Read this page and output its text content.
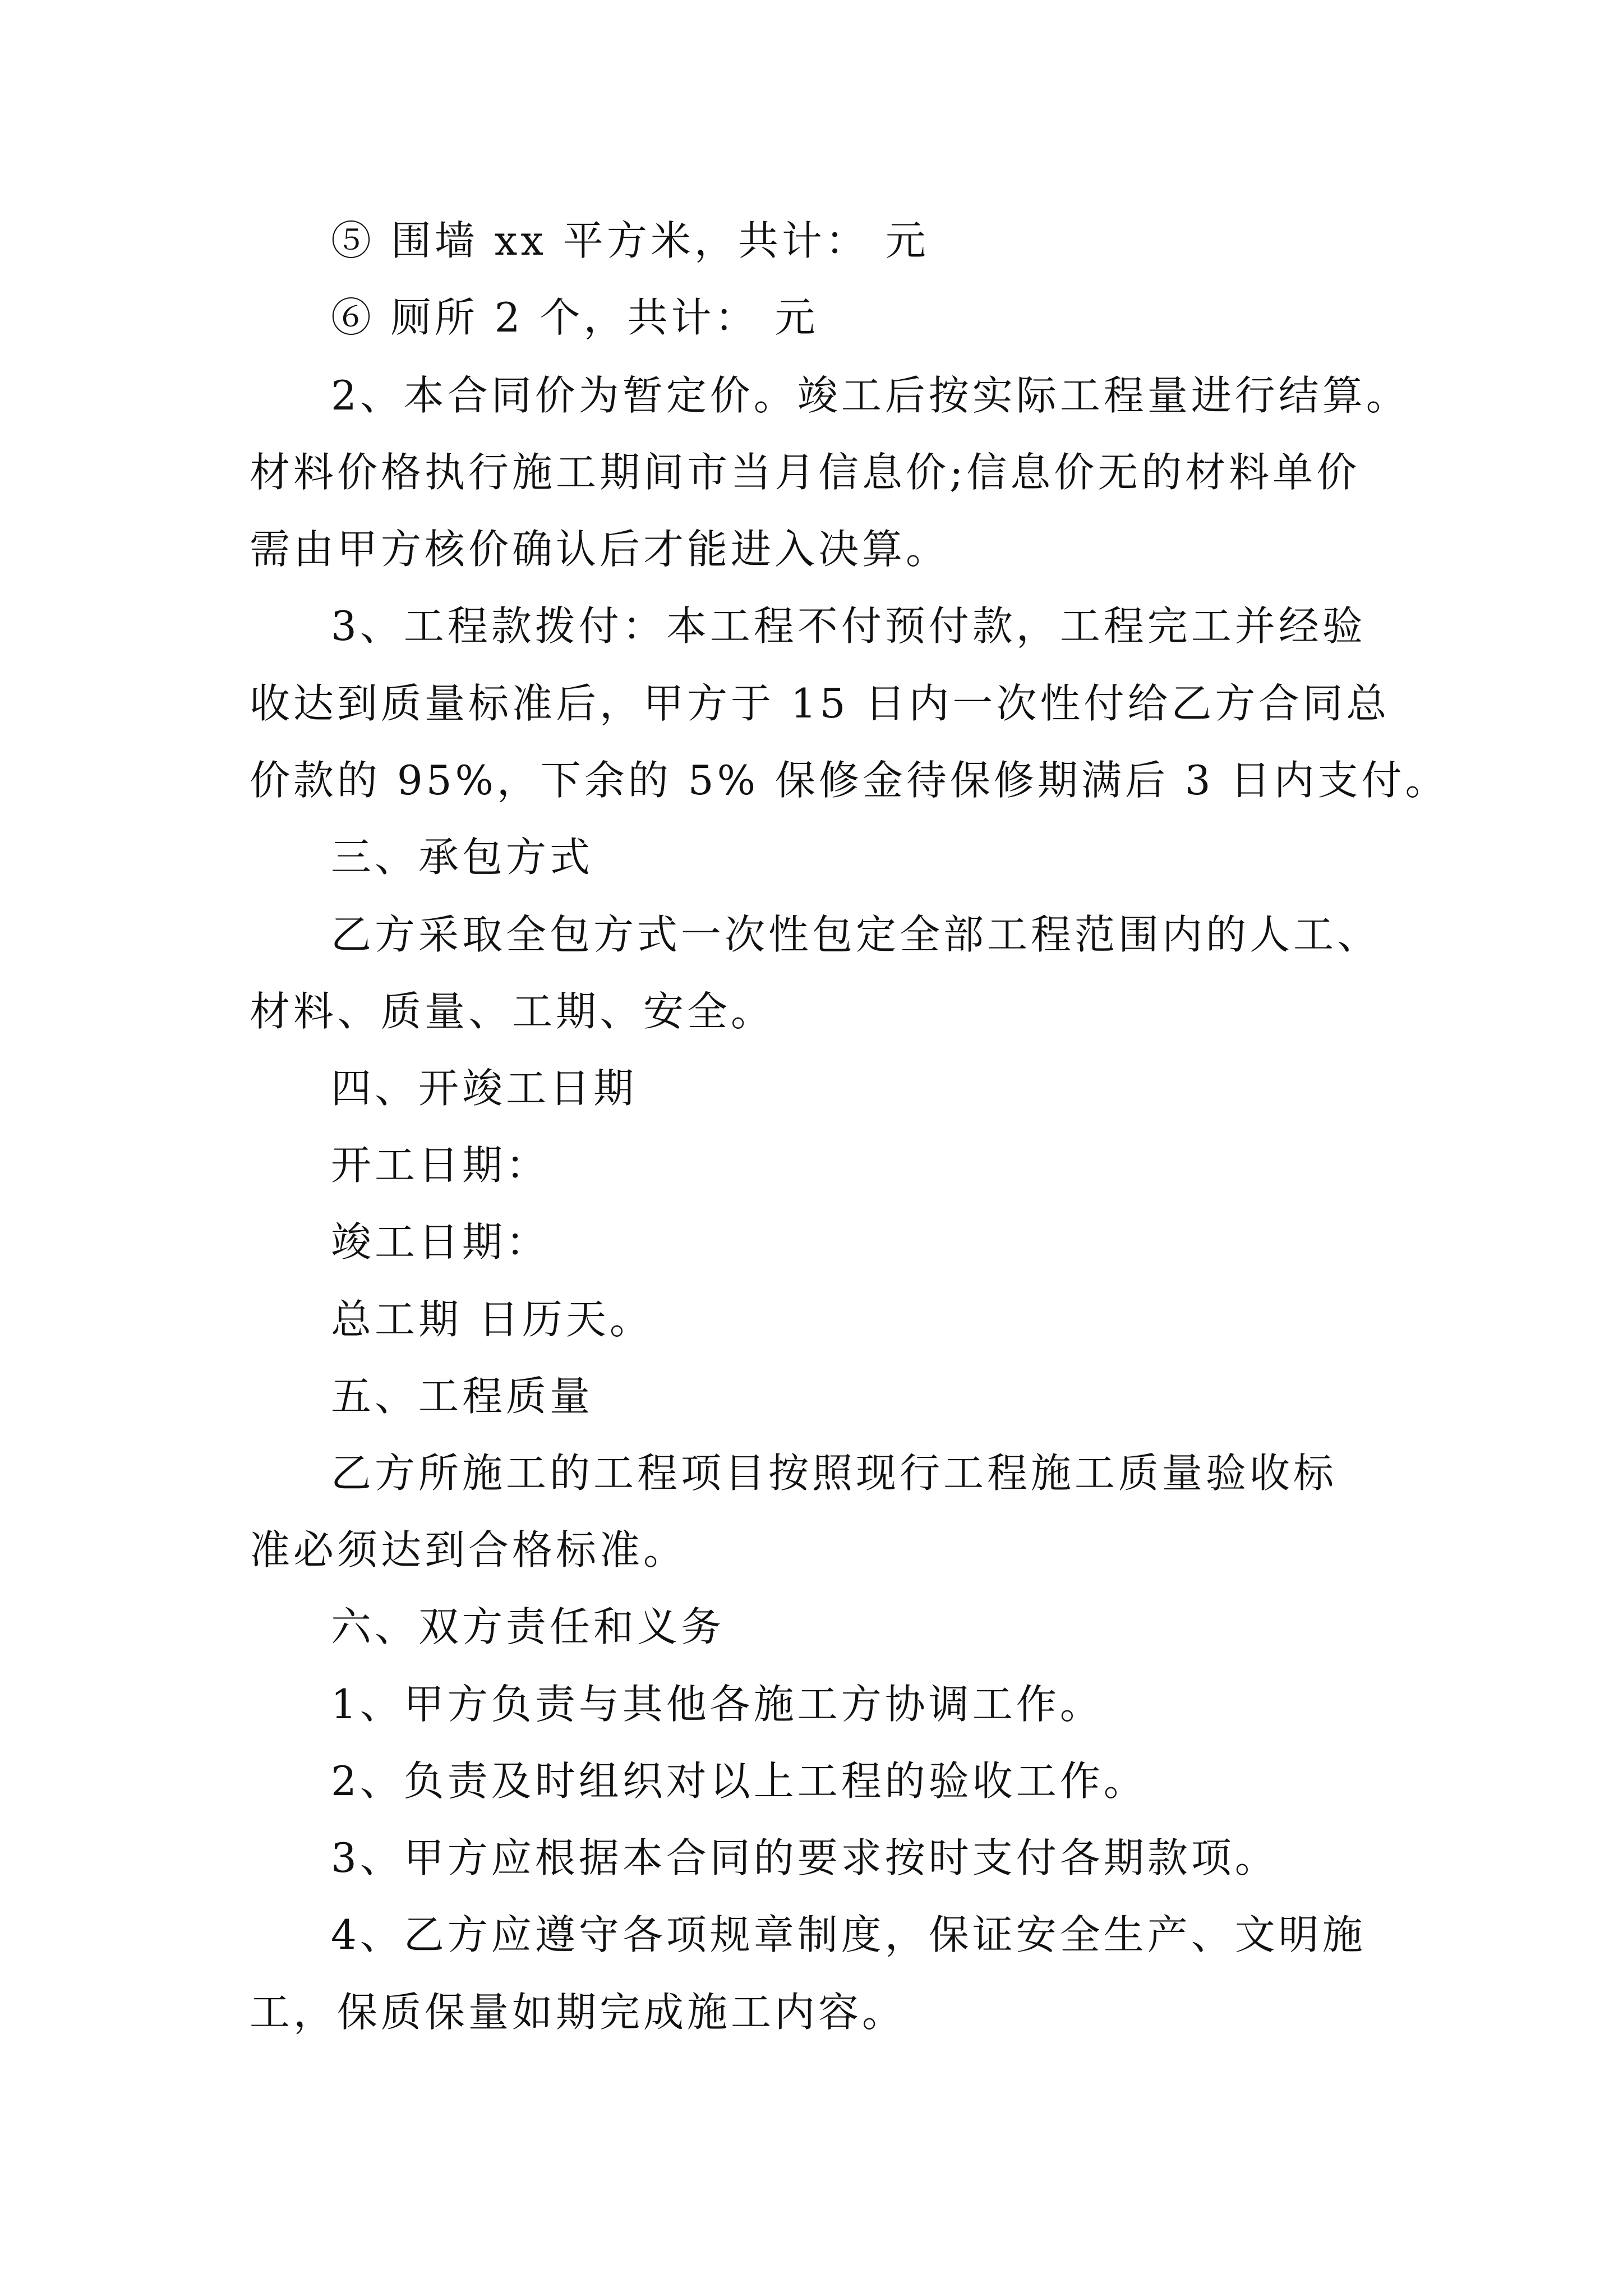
⑤ 围墙 xx 平方米，共计： 元
⑥ 厕所 2 个，共计： 元
2、本合同价为暂定价。竣工后按实际工程量进行结算。
材料价格执行施工期间市当月信息价;信息价无的材料单价
需由甲方核价确认后才能进入决算。
3、工程款拨付：本工程不付预付款，工程完工并经验
收达到质量标准后，甲方于 15 日内一次性付给乙方合同总
价款的 95%，下余的 5% 保修金待保修期满后 3 日内支付。
三、承包方式
乙方采取全包方式一次性包定全部工程范围内的人工、
材料、质量、工期、安全。
四、开竣工日期
开工日期：
竣工日期：
总工期 日历天。
五、工程质量
乙方所施工的工程项目按照现行工程施工质量验收标
准必须达到合格标准。
六、双方责任和义务
1、甲方负责与其他各施工方协调工作。
2、负责及时组织对以上工程的验收工作。
3、甲方应根据本合同的要求按时支付各期款项。
4、乙方应遵守各项规章制度，保证安全生产、文明施
工，保质保量如期完成施工内容。
